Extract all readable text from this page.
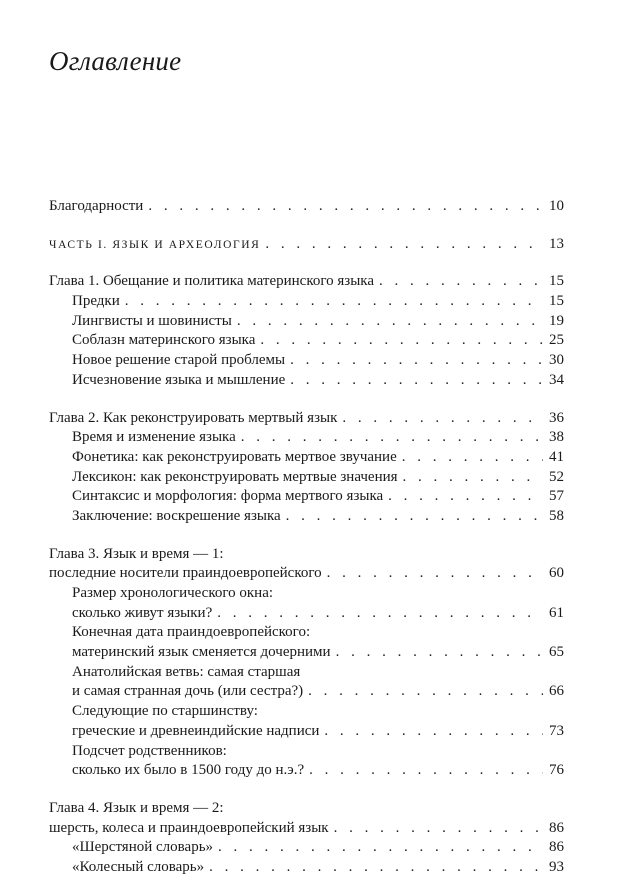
Оглавление
Благодарности . . .	10
ЧАСТЬ I. ЯЗЫК И АРХЕОЛОГИЯ . . .	13
Глава 1. Обещание и политика материнского языка . . .	15
Предки . . .	15
Лингвисты и шовинисты . . .	19
Соблазн материнского языка . . .	25
Новое решение старой проблемы . . .	30
Исчезновение языка и мышление . . .	34
Глава 2. Как реконструировать мертвый язык . . .	36
Время и изменение языка . . .	38
Фонетика: как реконструировать мертвое звучание . . .	41
Лексикон: как реконструировать мертвые значения . . .	52
Синтаксис и морфология: форма мертвого языка . . .	57
Заключение: воскрешение языка . . .	58
Глава 3. Язык и время — 1:
последние носители праиндоевропейского . . .	60
Размер хронологического окна:
сколько живут языки? . . .	61
Конечная дата праиндоевропейского:
материнский язык сменяется дочерними . . .	65
Анатолийская ветвь: самая старшая
и самая странная дочь (или сестра?) . . .	66
Следующие по старшинству:
греческие и древнеиндийские надписи . . .	73
Подсчет родственников:
сколько их было в 1500 году до н.э.? . . .	76
Глава 4. Язык и время — 2:
шерсть, колеса и праиндоевропейский язык . . .	86
«Шерстяной словарь» . . .	86
«Колесный словарь» . . .	93
